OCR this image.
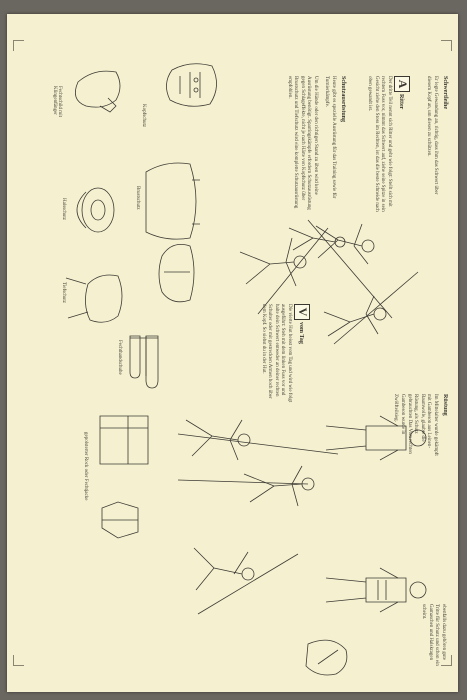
Schwertleihe
Er legte Gewandung an, richtig, dass ihm das Schwert über diesem Kopf an, um diesen zu schützen.
A
Ritter
Der dritte Teil nennt sich Ritter und geht wie folgt: Stellt sich mit rechtem Fuss vor, nimmt das Schwert auf, ziehe seine Spitze in sein Gesicht ziehe den Stoss im Rechten, ist das die beste Schneide nach oben gewandt ist.
Schutzausrüstung
Heute gibt es spezielle Ausrüstung für das Training sowie für Turnierkämpfe.
Um die Hände oder den richtigen Stand zu üben wird keine Ausrüstung benötigt. Sparringskämpfe erfordern Schutzausrüstung gegen Schlageffekte, nicht je nach Härte von Kopfschutz über Brustschutz und Tiefschutz wird eine komplette Schutzausrüstung empfohlen.
V
vom Tag
Die vierte Hut heisst vom Tag und wird wie folgt ausgeführt: Steh mit dem linken Fuss vor und halte dein Schwert entweder an deiner rechten Schulter oder mit gestreckten Armen hoch über dem Kopf. So siehst du in der Hut.
Rüstung
Im Mittelalter wurde gekämpft mit Gambeson aus Leinen-Baumwolle, glaubte die Rüstung, als Schutz gebrauchten Das Vom rechten Gambeson wurde in Zwölfteilsieg.
ebenfalls dazu gehören gute Tritte für Schutz und schon ein Gamaschen und Halskragen scheint.
Kopfschutz
Fechtschild mit Klingenfänger
Halsschutz	Brustschutz
Tiefschutz
Fechthandschuhe
gepolsterter Rock oder Fechtjacke
